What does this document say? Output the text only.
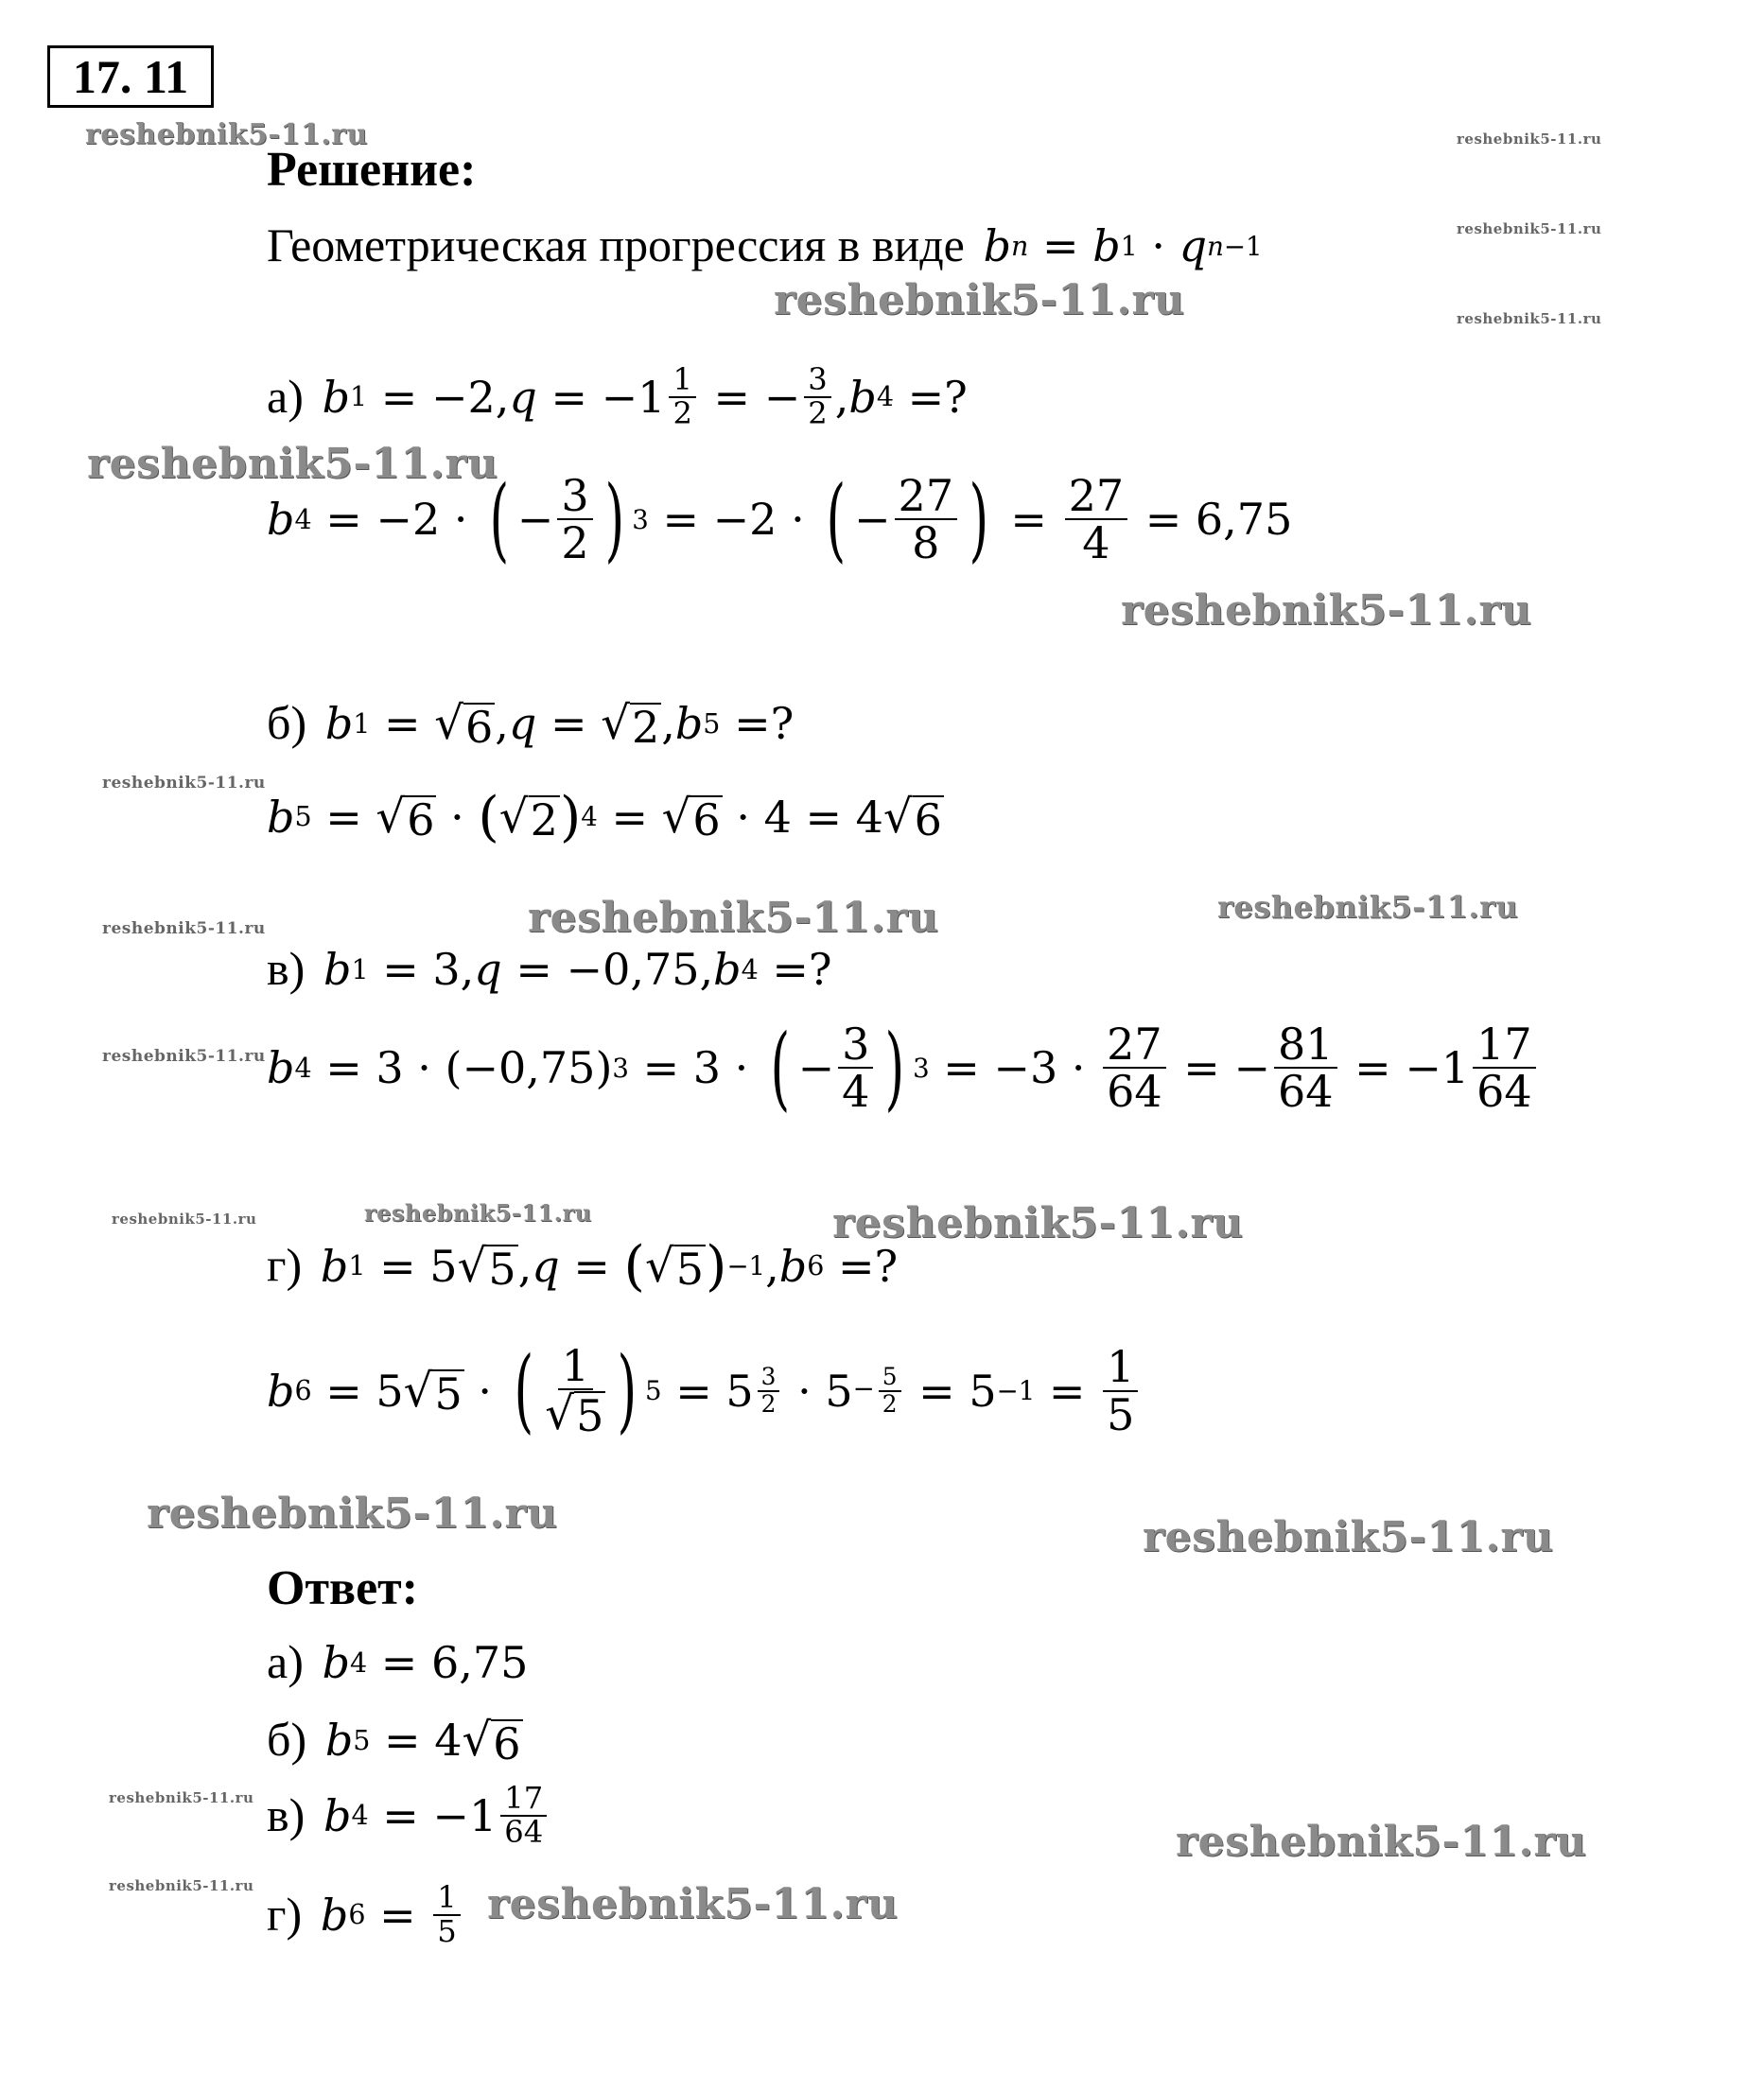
17. 11
reshebnik5-11.ru	reshebnik5-11.ru
reshebnik5-11.ru
reshebnik5-11.ru
reshebnik5-11.ru
reshebnik5-11.ru
reshebnik5-11.ru
reshebnik5-11.ru
reshebnik5-11.ru	reshebnik5-11.ru
reshebnik5-11.ru
reshebnik5-11.ru
reshebnik5-11.ru	reshebnik5-11.ru	reshebnik5-11.ru
reshebnik5-11.ru	reshebnik5-11.ru
reshebnik5-11.ru
reshebnik5-11.ru
reshebnik5-11.ru	reshebnik5-11.ru
Решение:
Геометрическая прогрессия в виде b n = b 1 · q n−1
а) b 1 = −2, $q = -1 \frac{1}{2}$ = − $\frac{3}{2}$ , b 4 =?
b 4 = −2 · ( − $\frac{3}{2}$ ) 3 = −2 · ( − $\frac{27}{8}$ ) = $\frac{27}{4} = 6,75$
б) b 1 = √ 6 , q = √ 2 , b 5 =?
b 5 = √ 6 · ( √ 2 ) 4 = √ 6 · 4 = 4 √ 6
в) b 1 = 3, q = −0,75, b 4 =?
b 4 = 3 · (−0,75) 3 = 3 · ( − $\frac{3}{4}$ ) $3 = -3 \cdot \frac{27}{64}$ = − $\frac{81}{64} = -1 \frac{17}{64}$
г) b 1 = 5 √ 5 , q = ( √ 5 ) −1 , b 6 =?
b 6 = 5 √ 5 · ( $\frac{1}{√ 5}$ ) $5 = 5 \frac{3}{2} \cdot 5 - \frac{5}{2} = 5 -1 = \frac{1}{5}$
Ответ:
а) b 4 = 6,75
б) b 5 = 4 √ 6
в) b 4 = − $1 \frac{17}{64}$
г) b $6 = \frac{1}{5}$
